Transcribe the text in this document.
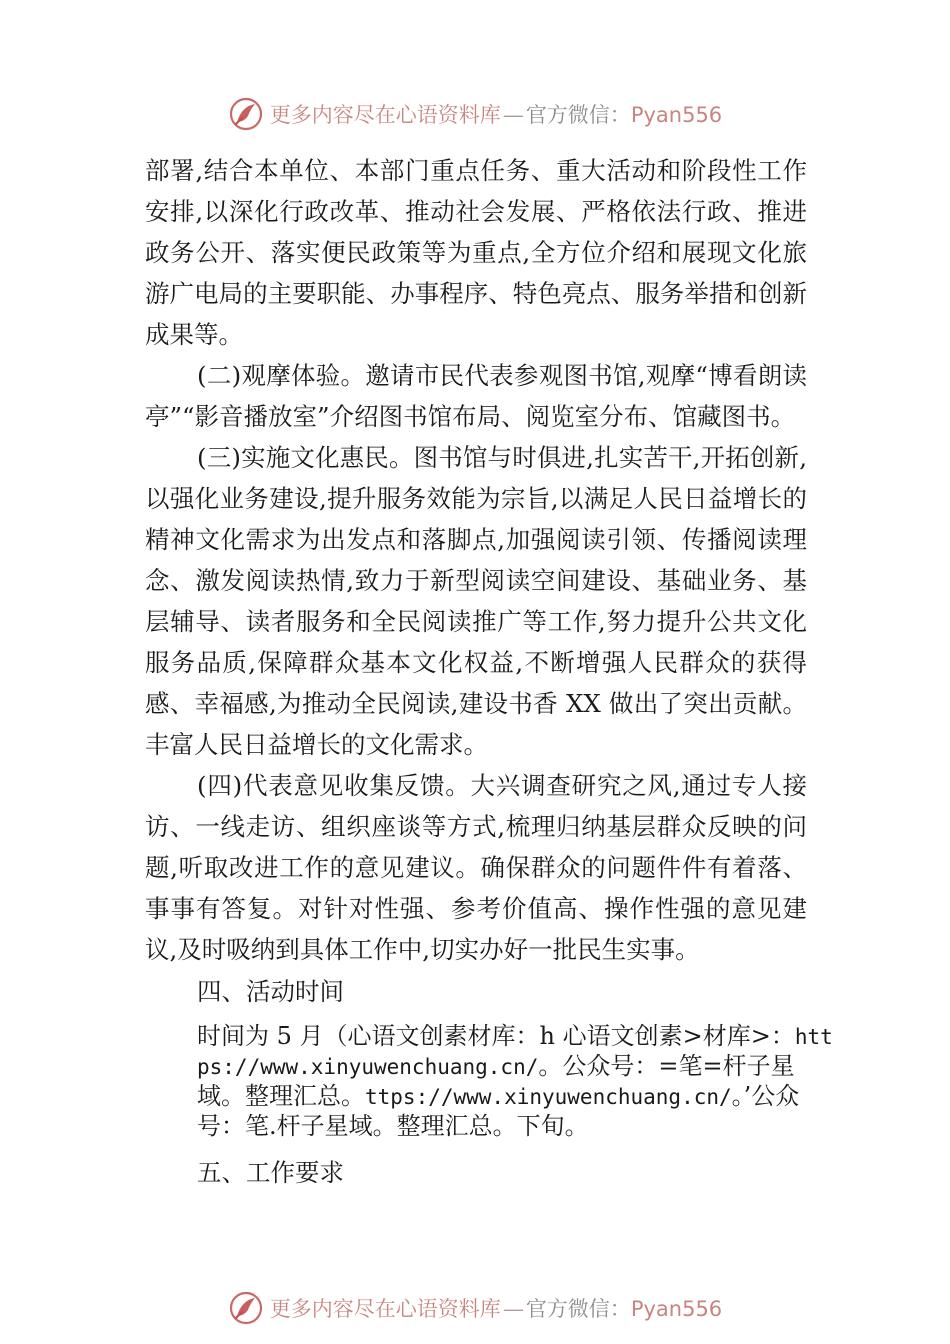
更多内容尽在心语资料库—官方微信：Pyan556

部署,结合本单位、本部门重点任务、重大活动和阶段性工作安排,以深化行政改革、推动社会发展、严格依法行政、推进政务公开、落实便民政策等为重点,全方位介绍和展现文化旅游广电局的主要职能、办事程序、特色亮点、服务举措和创新成果等。

(二)观摩体验。邀请市民代表参观图书馆,观摩“博看朗读亭”“影音播放室”介绍图书馆布局、阅览室分布、馆藏图书。

(三)实施文化惠民。图书馆与时俱进,扎实苦干,开拓创新,以强化业务建设,提升服务效能为宗旨,以满足人民日益增长的精神文化需求为出发点和落脚点,加强阅读引领、传播阅读理念、激发阅读热情,致力于新型阅读空间建设、基础业务、基层辅导、读者服务和全民阅读推广等工作,努力提升公共文化服务品质,保障群众基本文化权益,不断增强人民群众的获得感、幸福感,为推动全民阅读,建设书香 XX 做出了突出贡献。丰富人民日益增长的文化需求。

(四)代表意见收集反馈。大兴调查研究之风,通过专人接访、一线走访、组织座谈等方式,梳理归纳基层群众反映的问题,听取改进工作的意见建议。确保群众的问题件件有着落、事事有答复。对针对性强、参考价值高、操作性强的意见建议,及时吸纳到具体工作中,切实办好一批民生实事。

四、活动时间
时间为 5 月（心语文创素材库：h 心语文创素>材库>：https://www.xinyuwenchuang.cn/。公众号：=笔=杆子星域。整理汇总。ttps://www.xinyuwenchuang.cn/。’公众号：笔.杆子星域。整理汇总。下旬。
五、工作要求
更多内容尽在心语资料库—官方微信：Pyan556
